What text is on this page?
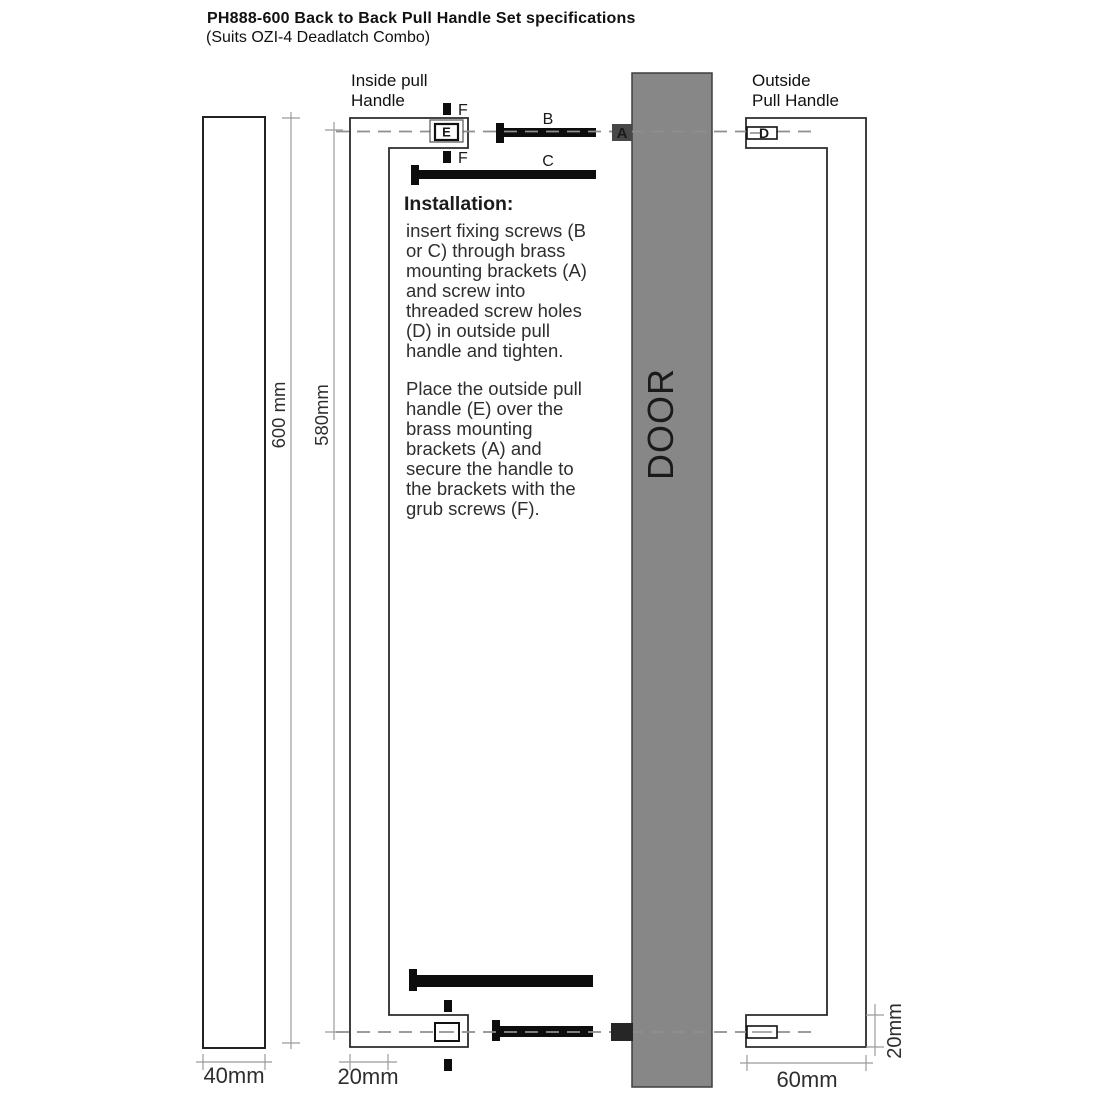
DOOR
600 mm 580mm
40mm	20mm	60mm
20mm
B
C
A
E	D
F
F
PH888-600 Back to Back Pull Handle Set specifications
(Suits OZI-4 Deadlatch Combo)
Inside pull
Handle
Outside
Pull Handle
Installation:
insert fixing screws (B
or C) through brass
mounting brackets (A)
and screw into
threaded screw holes
(D) in outside pull
handle and tighten.
Place the outside pull
handle (E) over the
brass mounting
brackets (A) and
secure the handle to
the brackets with the
grub screws (F).
